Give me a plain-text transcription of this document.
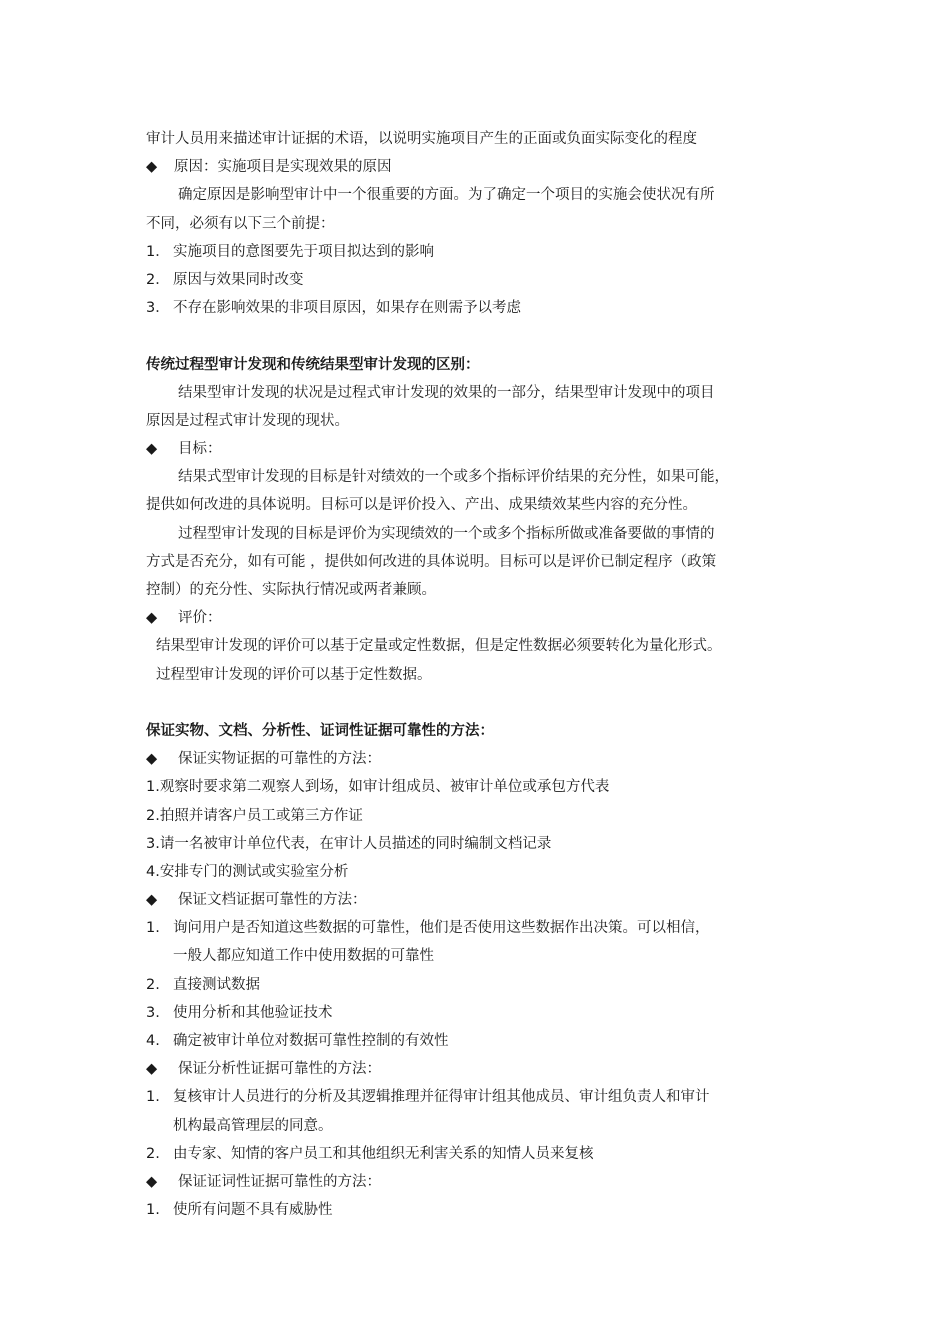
审计人员用来描述审计证据的术语，以说明实施项目产生的正面或负面实际变化的程度
◆ 原因：实施项目是实现效果的原因
确定原因是影响型审计中一个很重要的方面。为了确定一个项目的实施会使状况有所
不同，必须有以下三个前提：
1． 实施项目的意图要先于项目拟达到的影响
2． 原因与效果同时改变
3． 不存在影响效果的非项目原因，如果存在则需予以考虑
传统过程型审计发现和传统结果型审计发现的区别：
结果型审计发现的状况是过程式审计发现的效果的一部分，结果型审计发现中的项目
原因是过程式审计发现的现状。
◆ 目标：
结果式型审计发现的目标是针对绩效的一个或多个指标评价结果的充分性，如果可能，
提供如何改进的具体说明。目标可以是评价投入、产出、成果绩效某些内容的充分性。
过程型审计发现的目标是评价为实现绩效的一个或多个指标所做或准备要做的事情的
方式是否充分，如有可能 ，提供如何改进的具体说明。目标可以是评价已制定程序（政策
控制）的充分性、实际执行情况或两者兼顾。
◆ 评价：
结果型审计发现的评价可以基于定量或定性数据，但是定性数据必须要转化为量化形式。
过程型审计发现的评价可以基于定性数据。
保证实物、文档、分析性、证词性证据可靠性的方法：
◆ 保证实物证据的可靠性的方法：
1.观察时要求第二观察人到场，如审计组成员、被审计单位或承包方代表
2.拍照并请客户员工或第三方作证
3.请一名被审计单位代表，在审计人员描述的同时编制文档记录
4.安排专门的测试或实验室分析
◆ 保证文档证据可靠性的方法：
1. 询问用户是否知道这些数据的可靠性，他们是否使用这些数据作出决策。可以相信，
一般人都应知道工作中使用数据的可靠性
2. 直接测试数据
3. 使用分析和其他验证技术
4. 确定被审计单位对数据可靠性控制的有效性
◆ 保证分析性证据可靠性的方法：
1. 复核审计人员进行的分析及其逻辑推理并征得审计组其他成员、审计组负责人和审计
机构最高管理层的同意。
2. 由专家、知情的客户员工和其他组织无利害关系的知情人员来复核
◆ 保证证词性证据可靠性的方法：
1. 使所有问题不具有威胁性
